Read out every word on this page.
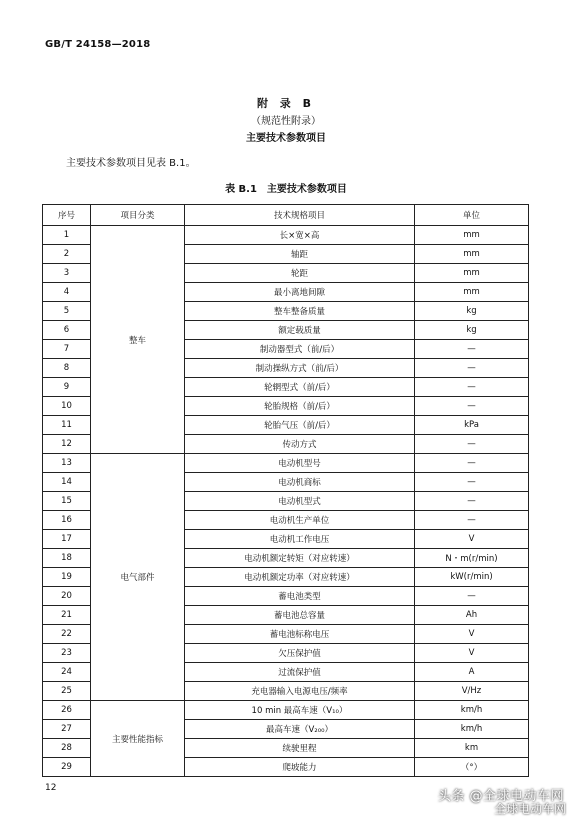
GB/T 24158—2018
附 录 B
（规范性附录）
主要技术参数项目
主要技术参数项目见表 B.1。
表 B.1　主要技术参数项目
序号	项目分类	技术规格项目	单位
1	整车	长×宽×高	mm
2		轴距	mm
3		轮距	mm
4		最小离地间隙	mm
5		整车整备质量	kg
6		额定载质量	kg
7		制动器型式（前/后）	—
8		制动操纵方式（前/后）	—
9		轮辋型式（前/后）	—
10		轮胎规格（前/后）	—
11		轮胎气压（前/后）	kPa
12		传动方式	—
13	电气部件	电动机型号	—
14		电动机商标	—
15		电动机型式	—
16		电动机生产单位	—
17		电动机工作电压	V
18		电动机额定转矩（对应转速）	N・m(r/min)
19		电动机额定功率（对应转速）	kW(r/min)
20		蓄电池类型	—
21		蓄电池总容量	Ah
22		蓄电池标称电压	V
23		欠压保护值	V
24		过流保护值	A
25		充电器输入电源电压/频率	V/Hz
26	主要性能指标	10 min 最高车速（V₁₀）	km/h
27		最高车速（V₂₀₀）	km/h
28		续驶里程	km
29		爬坡能力	（°）
12
头条 @全球电动车网
全球电动车网
